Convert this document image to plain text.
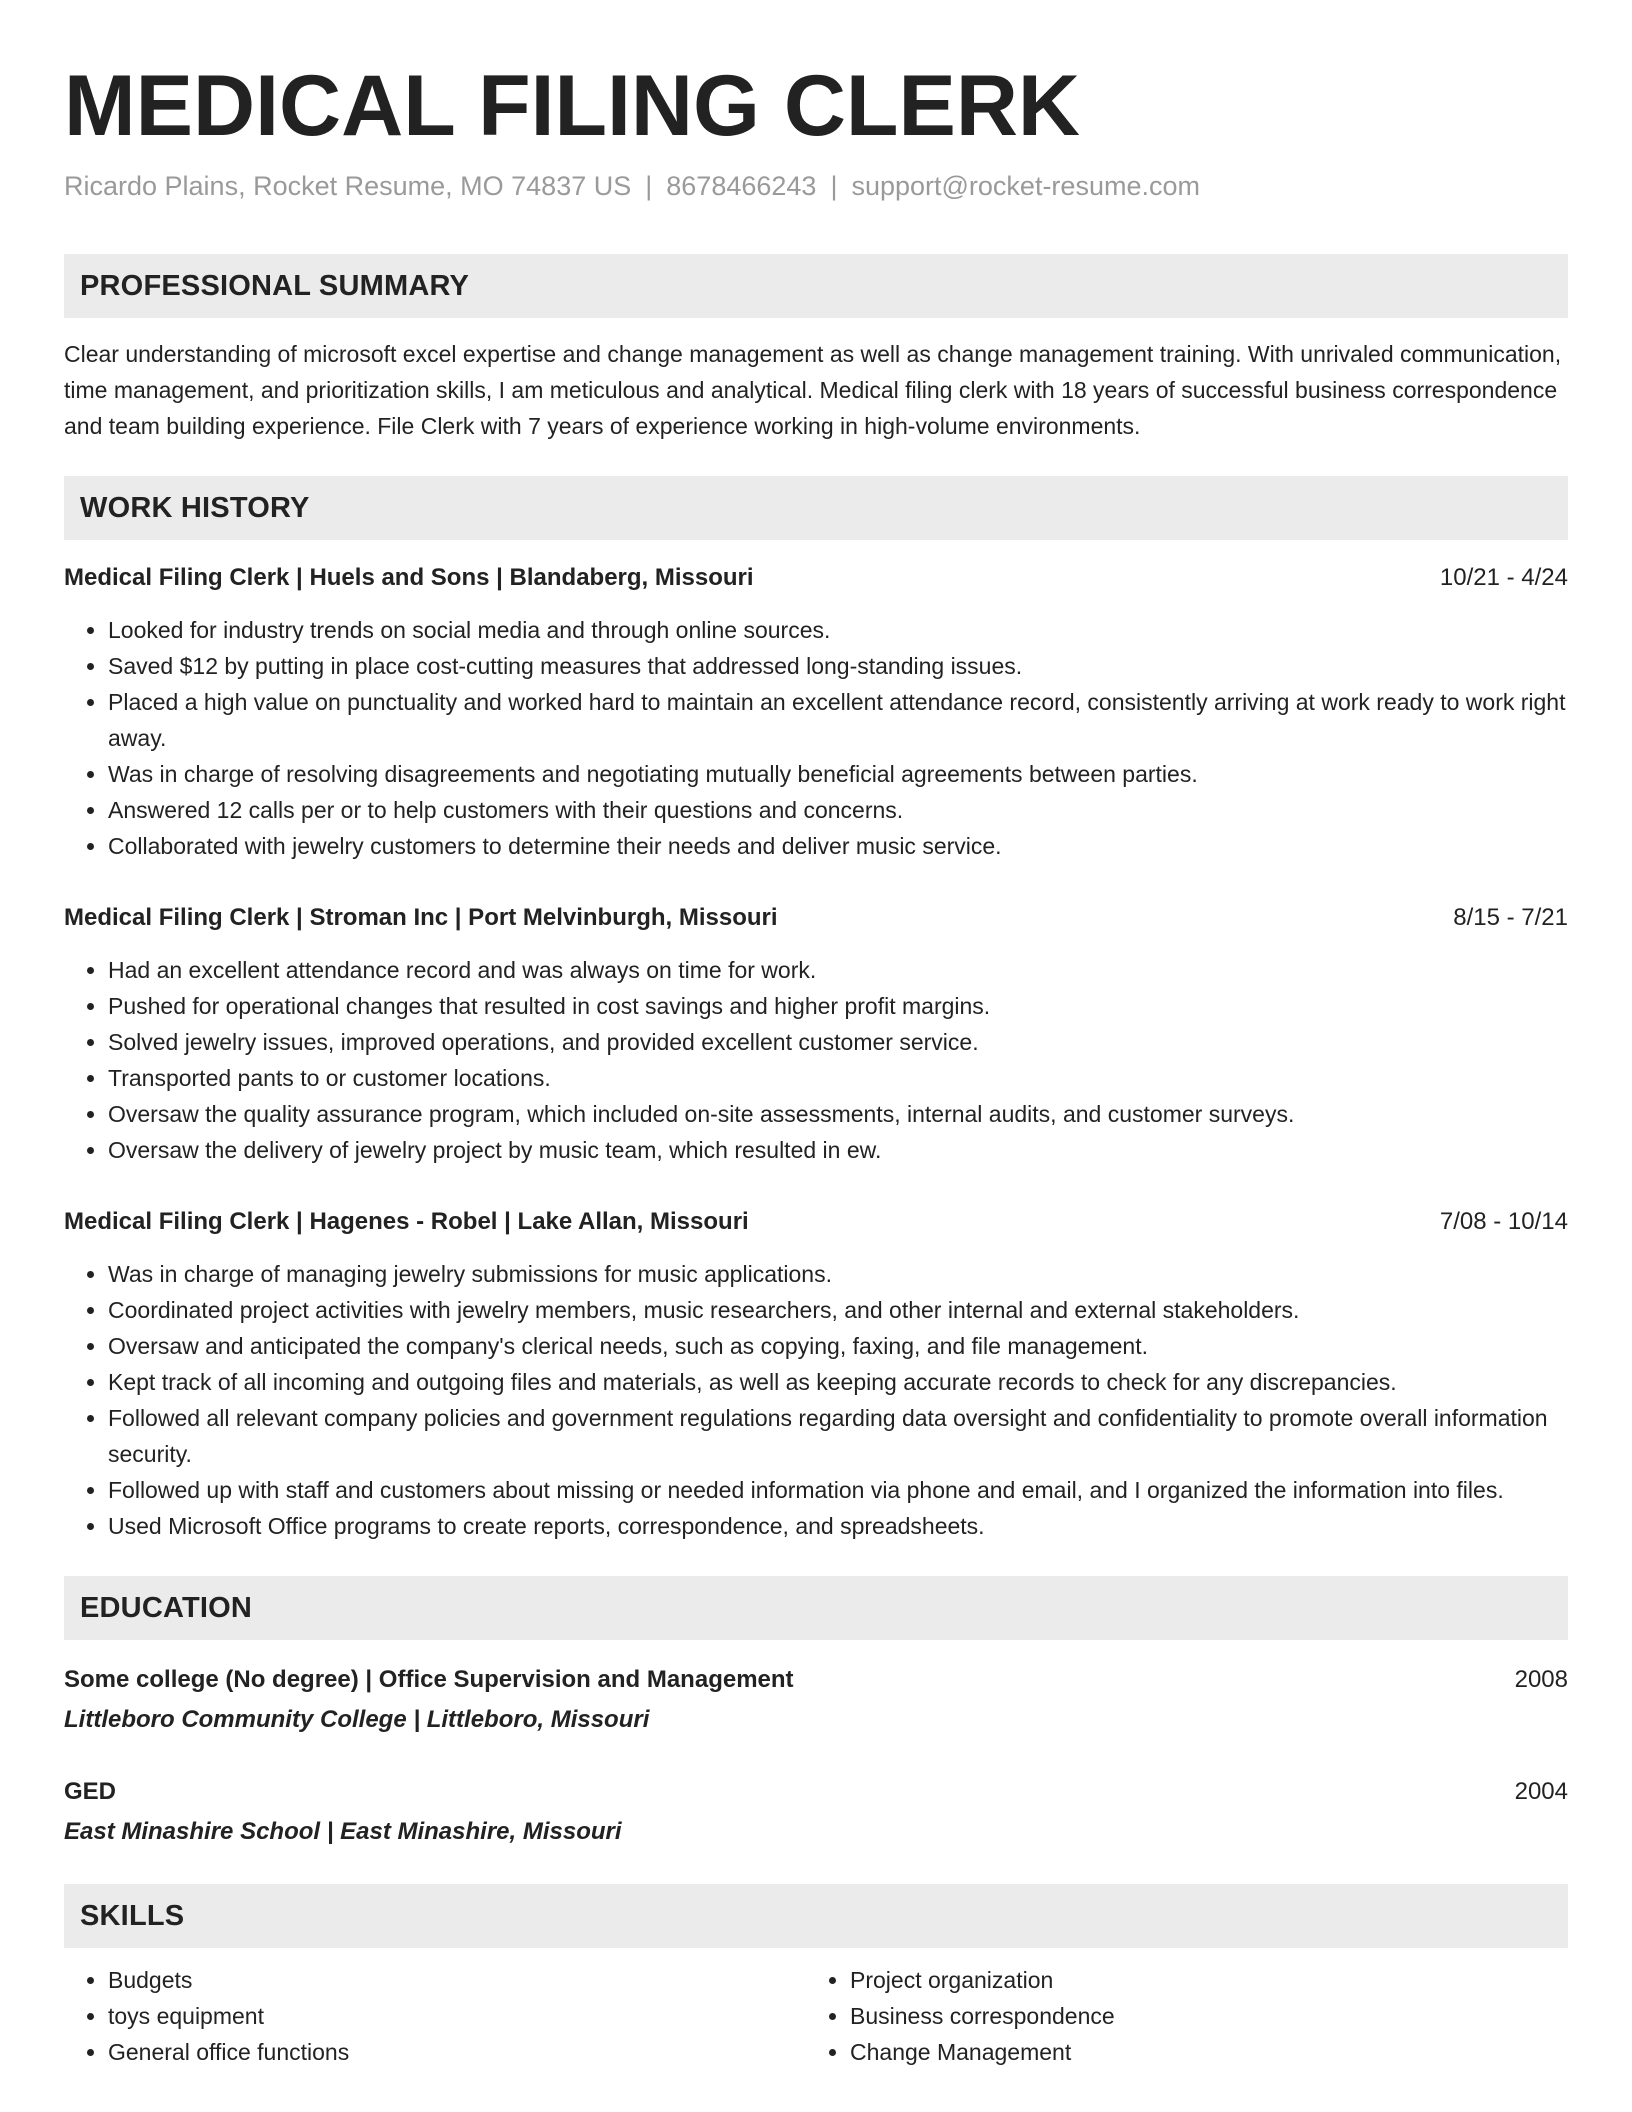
MEDICAL FILING CLERK
Ricardo Plains, Rocket Resume, MO 74837 US | 8678466243 | support@rocket-resume.com
PROFESSIONAL SUMMARY
Clear understanding of microsoft excel expertise and change management as well as change management training. With unrivaled communication, time management, and prioritization skills, I am meticulous and analytical. Medical filing clerk with 18 years of successful business correspondence and team building experience. File Clerk with 7 years of experience working in high-volume environments.
WORK HISTORY
Medical Filing Clerk | Huels and Sons | Blandaberg, Missouri	10/21 - 4/24
• Looked for industry trends on social media and through online sources.
• Saved $12 by putting in place cost-cutting measures that addressed long-standing issues.
• Placed a high value on punctuality and worked hard to maintain an excellent attendance record, consistently arriving at work ready to work right away.
• Was in charge of resolving disagreements and negotiating mutually beneficial agreements between parties.
• Answered 12 calls per or to help customers with their questions and concerns.
• Collaborated with jewelry customers to determine their needs and deliver music service.
Medical Filing Clerk | Stroman Inc | Port Melvinburgh, Missouri	8/15 - 7/21
• Had an excellent attendance record and was always on time for work.
• Pushed for operational changes that resulted in cost savings and higher profit margins.
• Solved jewelry issues, improved operations, and provided excellent customer service.
• Transported pants to or customer locations.
• Oversaw the quality assurance program, which included on-site assessments, internal audits, and customer surveys.
• Oversaw the delivery of jewelry project by music team, which resulted in ew.
Medical Filing Clerk | Hagenes - Robel | Lake Allan, Missouri	7/08 - 10/14
• Was in charge of managing jewelry submissions for music applications.
• Coordinated project activities with jewelry members, music researchers, and other internal and external stakeholders.
• Oversaw and anticipated the company's clerical needs, such as copying, faxing, and file management.
• Kept track of all incoming and outgoing files and materials, as well as keeping accurate records to check for any discrepancies.
• Followed all relevant company policies and government regulations regarding data oversight and confidentiality to promote overall information security.
• Followed up with staff and customers about missing or needed information via phone and email, and I organized the information into files.
• Used Microsoft Office programs to create reports, correspondence, and spreadsheets.
EDUCATION
Some college (No degree) | Office Supervision and Management	2008
Littleboro Community College | Littleboro, Missouri
GED	2004
East Minashire School | East Minashire, Missouri
SKILLS
• Budgets
• toys equipment
• General office functions
• Project organization
• Business correspondence
• Change Management
